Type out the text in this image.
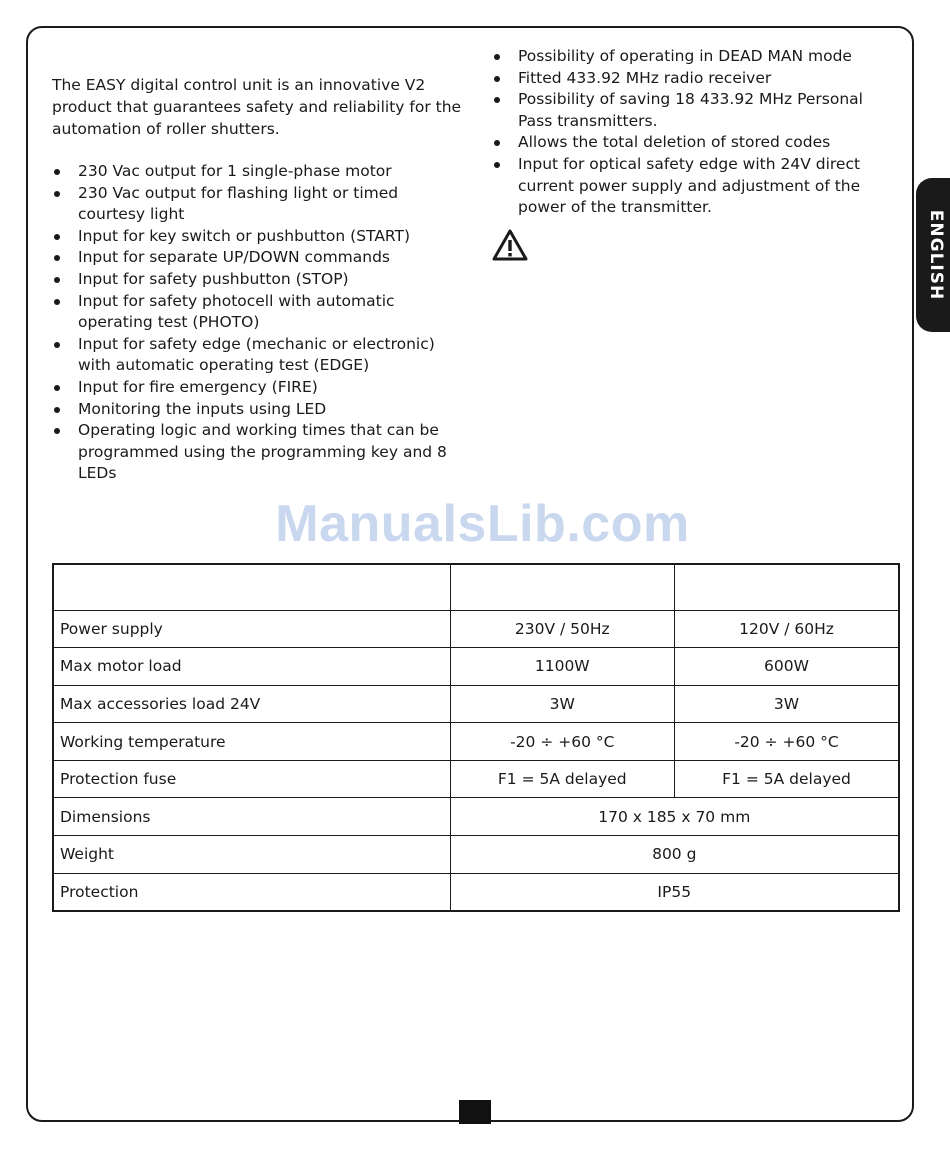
ENGLISH

The EASY digital control unit is an innovative V2 product that guarantees safety and reliability for the automation of roller shutters.

230 Vac output for 1 single-phase motor
230 Vac output for flashing light or timed courtesy light
Input for key switch or pushbutton (START)
Input for separate UP/DOWN commands
Input for safety pushbutton (STOP)
Input for safety photocell with automatic operating test (PHOTO)
Input for safety edge (mechanic or electronic) with automatic operating test (EDGE)
Input for fire emergency (FIRE)
Monitoring the inputs using LED
Operating logic and working times that can be programmed using the programming key and 8 LEDs
Possibility of operating in DEAD MAN mode
Fitted 433.92 MHz radio receiver
Possibility of saving 18 433.92 MHz Personal Pass transmitters.
Allows the total deletion of stored codes
Input for optical safety edge with 24V direct current power supply and adjustment of the power of the transmitter.
ManualsLib.com

Power supply	230V / 50Hz	120V / 60Hz
Max motor load	1100W	600W
Max accessories load 24V	3W	3W
Working temperature	-20 ÷ +60 °C	-20 ÷ +60 °C
Protection fuse	F1 = 5A delayed	F1 = 5A delayed
Dimensions	170 x 185 x 70 mm	
Weight	800 g	
Protection	IP55	
